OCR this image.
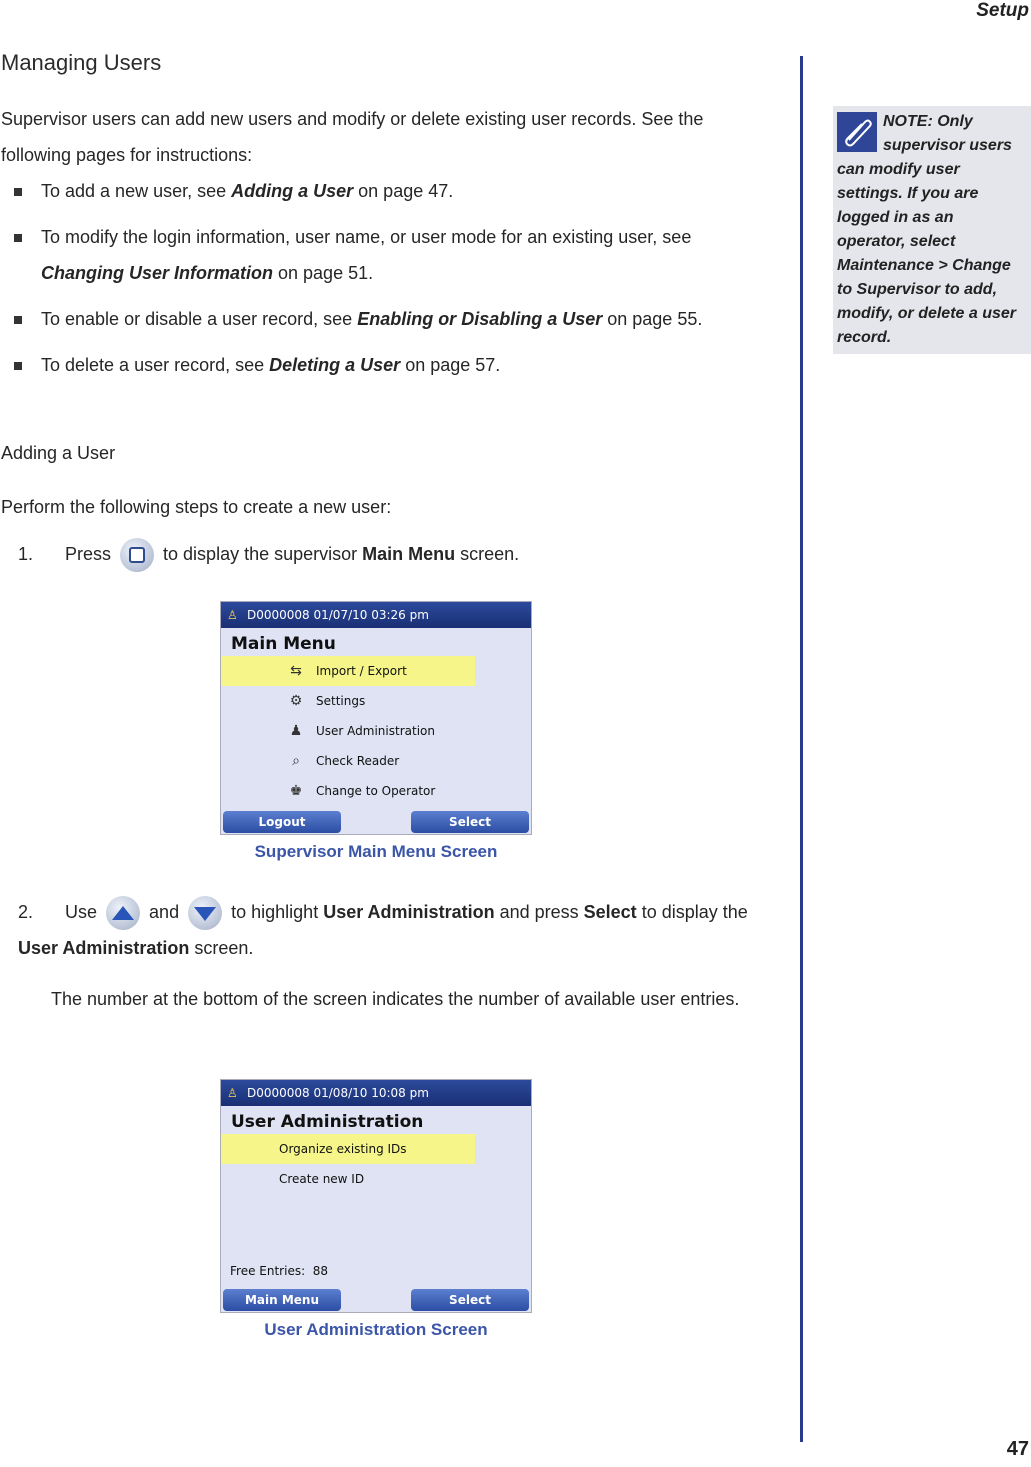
Setup
Managing Users
Supervisor users can add new users and modify or delete existing user records. See the following pages for instructions:
To add a new user, see Adding a User on page 47.
To modify the login information, user name, or user mode for an existing user, see Changing User Information on page 51.
To enable or disable a user record, see Enabling or Disabling a User on page 55.
To delete a user record, see Deleting a User on page 57.
Adding a User
Perform the following steps to create a new user:
1. Press	to display the supervisor Main Menu screen.
♙ D0000008 01/07/10 03:26 pm
Main Menu
⇆ Import / Export
⚙ Settings
♟ User Administration
⌕	Check Reader
♚ Change to Operator
Logout	Select
Supervisor Main Menu Screen
2. Use	and	to highlight User Administration and press Select to display the User Administration screen.
The number at the bottom of the screen indicates the number of available user entries.
♙ D0000008 01/08/10 10:08 pm
User Administration
Organize existing IDs
Create new ID
Free Entries: 88
Main Menu	Select
User Administration Screen
NOTE: Only supervisor users can modify user settings. If you are logged in as an operator, select Maintenance > Change to Supervisor to add, modify, or delete a user record.
47
